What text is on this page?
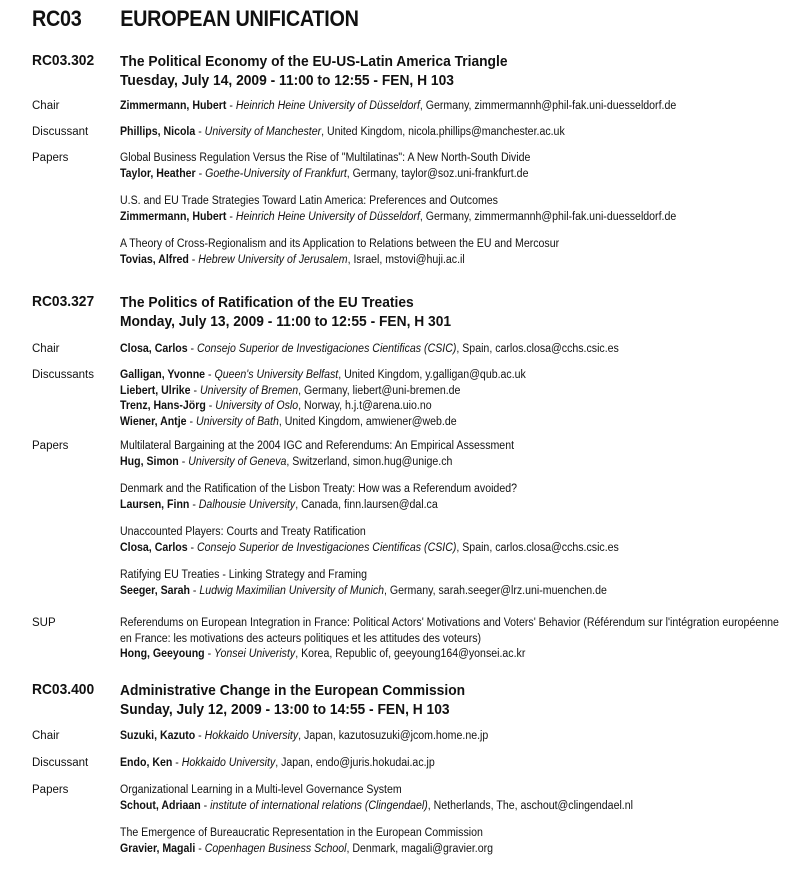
RC03 EUROPEAN UNIFICATION
RC03.302 The Political Economy of the EU-US-Latin America Triangle
Tuesday, July 14, 2009 - 11:00 to 12:55 - FEN, H 103
Chair	Zimmermann, Hubert - Heinrich Heine University of Düsseldorf, Germany, zimmermannh@phil-fak.uni-duesseldorf.de
Discussant	Phillips, Nicola - University of Manchester, United Kingdom, nicola.phillips@manchester.ac.uk
Papers	Global Business Regulation Versus the Rise of "Multilatinas": A New North-South Divide
Taylor, Heather - Goethe-University of Frankfurt, Germany, taylor@soz.uni-frankfurt.de
U.S. and EU Trade Strategies Toward Latin America: Preferences and Outcomes
Zimmermann, Hubert - Heinrich Heine University of Düsseldorf, Germany, zimmermannh@phil-fak.uni-duesseldorf.de
A Theory of Cross-Regionalism and its Application to Relations between the EU and Mercosur
Tovias, Alfred - Hebrew University of Jerusalem, Israel, mstovi@huji.ac.il
RC03.327 The Politics of Ratification of the EU Treaties
Monday, July 13, 2009 - 11:00 to 12:55 - FEN, H 301
Chair	Closa, Carlos - Consejo Superior de Investigaciones Cientificas (CSIC), Spain, carlos.closa@cchs.csic.es
Discussants Galligan, Yvonne - Queen's University Belfast, United Kingdom, y.galligan@qub.ac.uk
Liebert, Ulrike - University of Bremen, Germany, liebert@uni-bremen.de
Trenz, Hans-Jörg - University of Oslo, Norway, h.j.t@arena.uio.no
Wiener, Antje - University of Bath, United Kingdom, amwiener@web.de
Papers	Multilateral Bargaining at the 2004 IGC and Referendums: An Empirical Assessment
Hug, Simon - University of Geneva, Switzerland, simon.hug@unige.ch
Denmark and the Ratification of the Lisbon Treaty: How was a Referendum avoided?
Laursen, Finn - Dalhousie University, Canada, finn.laursen@dal.ca
Unaccounted Players: Courts and Treaty Ratification
Closa, Carlos - Consejo Superior de Investigaciones Cientificas (CSIC), Spain, carlos.closa@cchs.csic.es
Ratifying EU Treaties - Linking Strategy and Framing
Seeger, Sarah - Ludwig Maximilian University of Munich, Germany, sarah.seeger@lrz.uni-muenchen.de
SUP	Referendums on European Integration in France: Political Actors' Motivations and Voters' Behavior (Référendum sur l'intégration européenne en France: les motivations des acteurs politiques et les attitudes des voteurs)
Hong, Geeyoung - Yonsei Univeristy, Korea, Republic of, geeyoung164@yonsei.ac.kr
RC03.400 Administrative Change in the European Commission
Sunday, July 12, 2009 - 13:00 to 14:55 - FEN, H 103
Chair	Suzuki, Kazuto - Hokkaido University, Japan, kazutosuzuki@jcom.home.ne.jp
Discussant	Endo, Ken - Hokkaido University, Japan, endo@juris.hokudai.ac.jp
Papers	Organizational Learning in a Multi-level Governance System
Schout, Adriaan - institute of international relations (Clingendael), Netherlands, The, aschout@clingendael.nl
The Emergence of Bureaucratic Representation in the European Commission
Gravier, Magali - Copenhagen Business School, Denmark, magali@gravier.org
